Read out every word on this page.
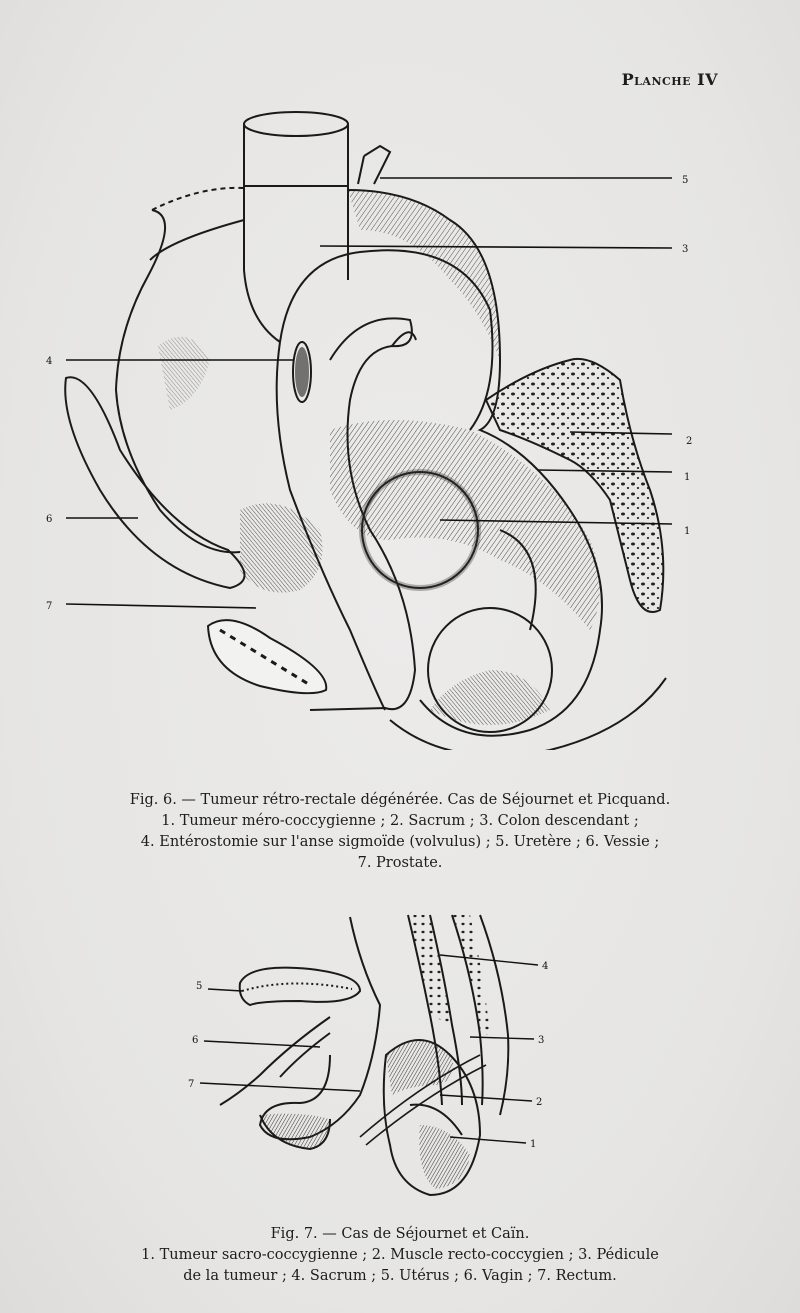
Planche IV
5
3
4
2
1
1
6
7

Fig. 6. — Tumeur rétro-rectale dégénérée. Cas de Séjournet et Picquand.

1. Tumeur méro-coccygienne ; 2. Sacrum ; 3. Colon descendant ;

4. Entérostomie sur l'anse sigmoïde (volvulus) ; 5. Uretère ; 6. Vessie ;

7. Prostate.

4
5
6	3
7
2
1

Fig. 7. — Cas de Séjournet et Caïn.

1. Tumeur sacro-coccygienne ; 2. Muscle recto-coccygien ; 3. Pédicule

de la tumeur ; 4. Sacrum ; 5. Utérus ; 6. Vagin ; 7. Rectum.
